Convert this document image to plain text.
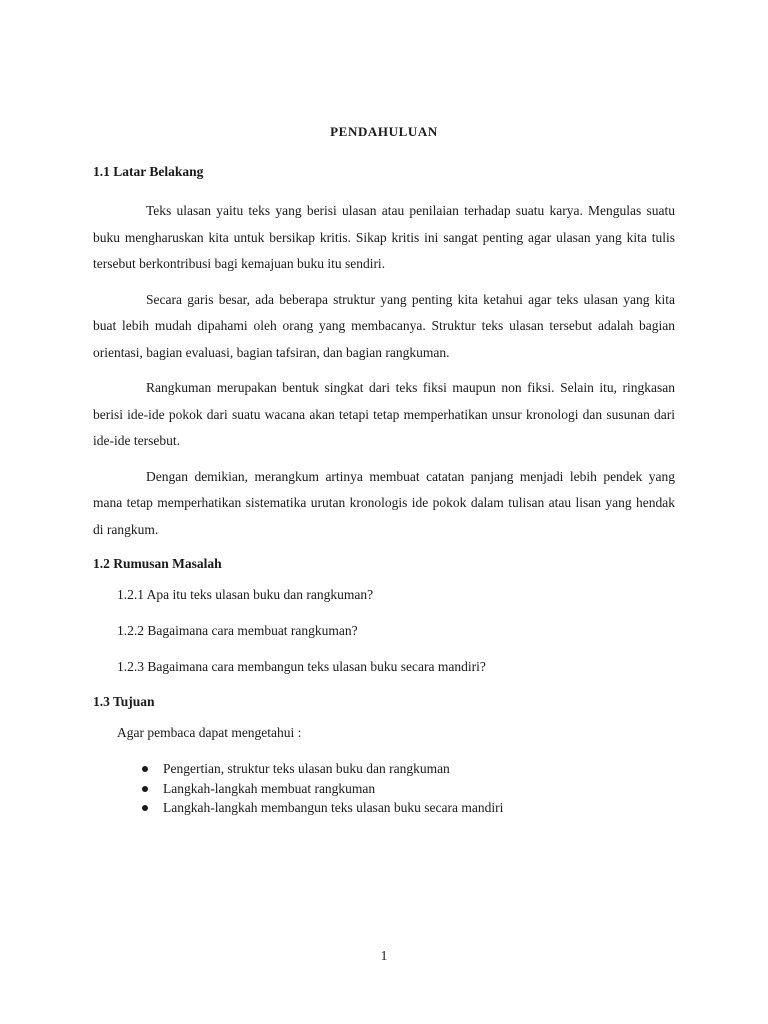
PENDAHULUAN
1.1 Latar Belakang

Teks ulasan yaitu teks yang berisi ulasan atau penilaian terhadap suatu karya. Mengulas suatu buku mengharuskan kita untuk bersikap kritis. Sikap kritis ini sangat penting agar ulasan yang kita tulis tersebut berkontribusi bagi kemajuan buku itu sendiri.

Secara garis besar, ada beberapa struktur yang penting kita ketahui agar teks ulasan yang kita buat lebih mudah dipahami oleh orang yang membacanya. Struktur teks ulasan tersebut adalah bagian orientasi, bagian evaluasi, bagian tafsiran, dan bagian rangkuman.

Rangkuman merupakan bentuk singkat dari teks fiksi maupun non fiksi. Selain itu, ringkasan berisi ide-ide pokok dari suatu wacana akan tetapi tetap memperhatikan unsur kronologi dan susunan dari ide-ide tersebut.

Dengan demikian, merangkum artinya membuat catatan panjang menjadi lebih pendek yang mana tetap memperhatikan sistematika urutan kronologis ide pokok dalam tulisan atau lisan yang hendak di rangkum.

1.2 Rumusan Masalah
1.2.1 Apa itu teks ulasan buku dan rangkuman?
1.2.2 Bagaimana cara membuat rangkuman?
1.2.3 Bagaimana cara membangun teks ulasan buku secara mandiri?
1.3 Tujuan
Agar pembaca dapat mengetahui :
Pengertian, struktur teks ulasan buku dan rangkuman
Langkah-langkah membuat rangkuman
Langkah-langkah membangun teks ulasan buku secara mandiri
1
